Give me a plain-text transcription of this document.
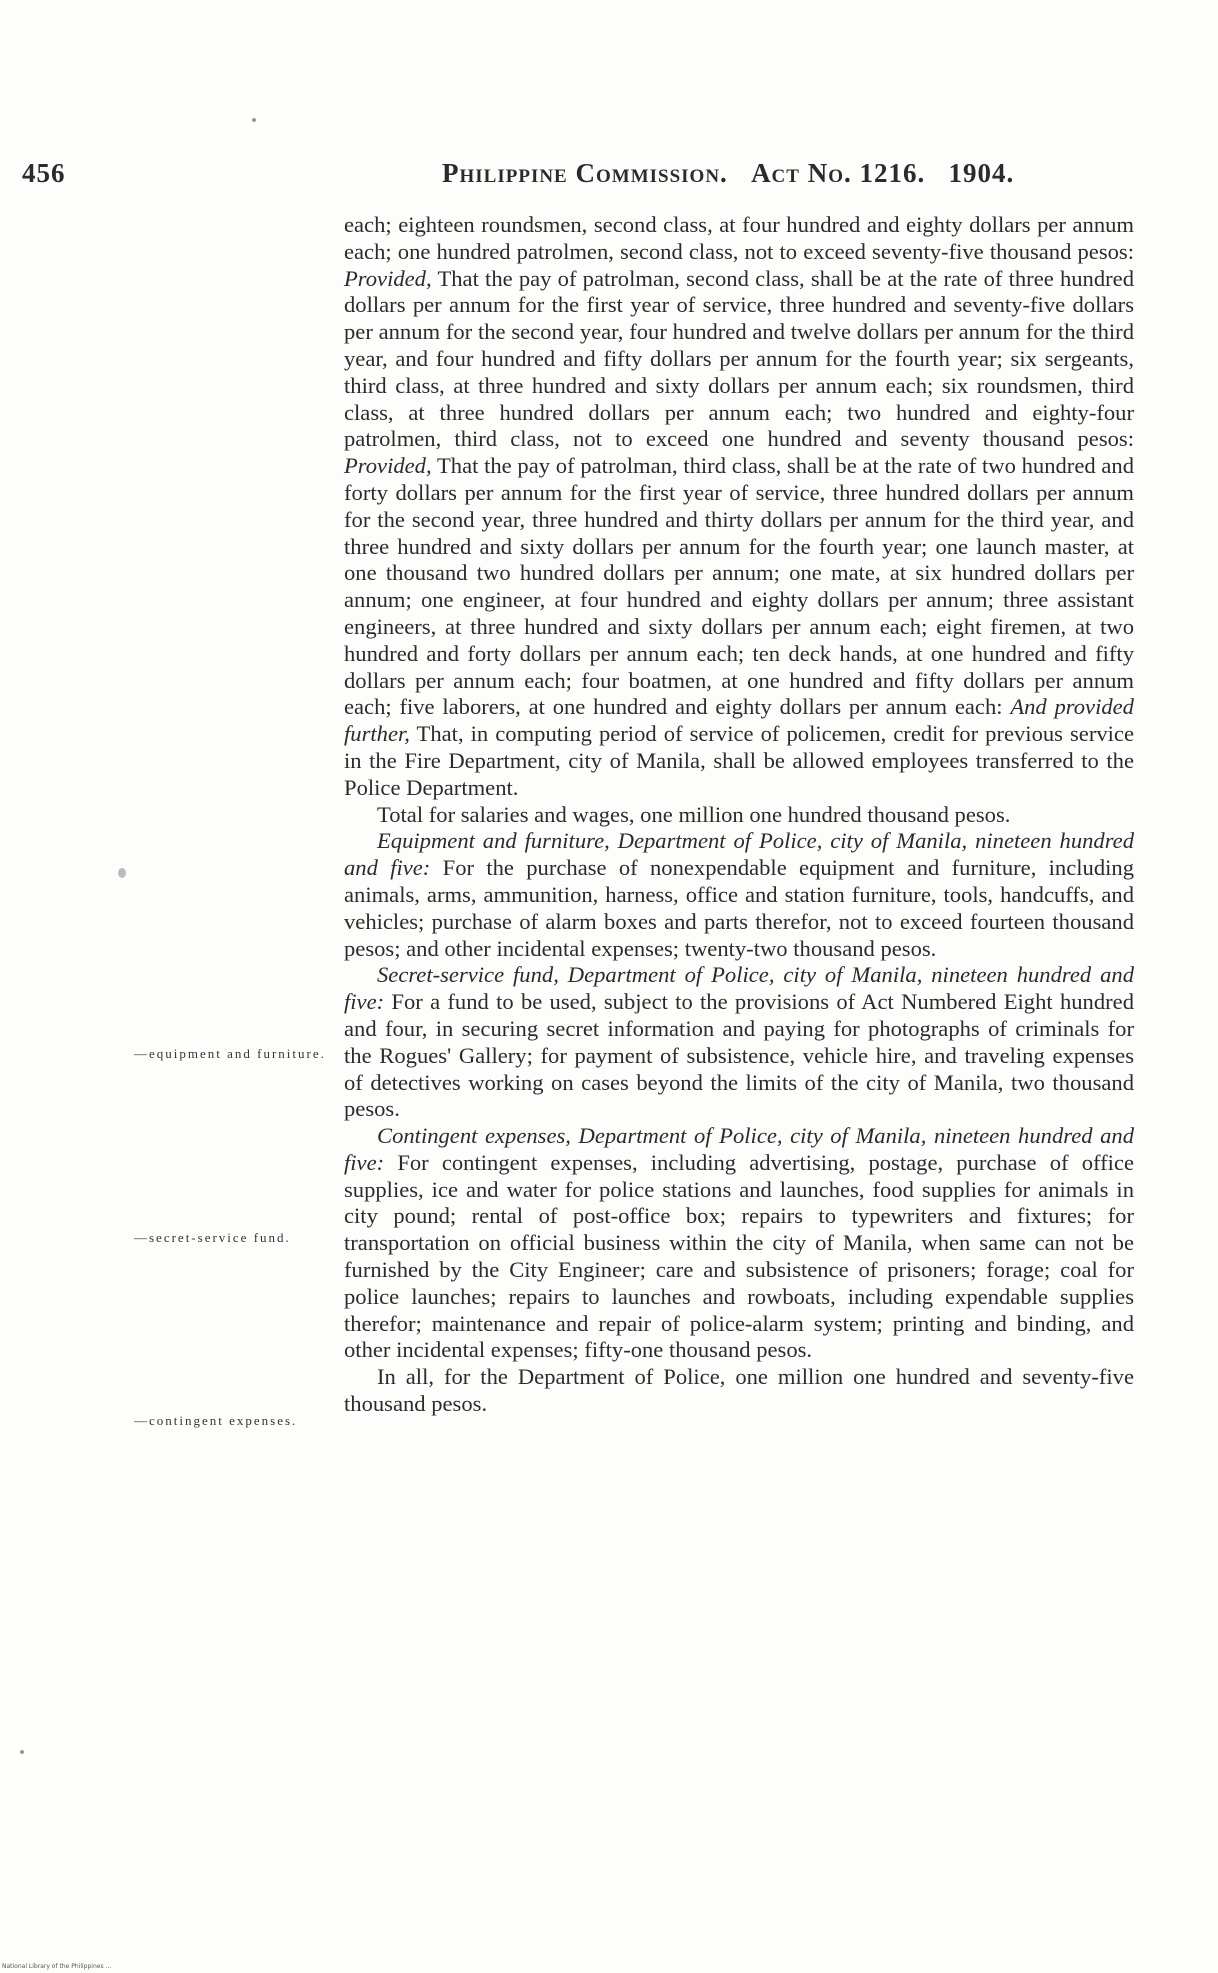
456	Philippine Commission. Act No. 1216. 1904.
—equipment and furniture.
—secret-service fund.
—contingent expenses.

each; eighteen roundsmen, second class, at four hundred and eighty dollars per annum each; one hundred patrolmen, second class, not to exceed seventy-five thousand pesos: Provided, That the pay of patrolman, second class, shall be at the rate of three hundred dollars per annum for the first year of service, three hundred and seventy-five dollars per annum for the second year, four hundred and twelve dollars per annum for the third year, and four hundred and fifty dollars per annum for the fourth year; six sergeants, third class, at three hundred and sixty dollars per annum each; six roundsmen, third class, at three hundred dollars per annum each; two hundred and eighty-four patrolmen, third class, not to exceed one hundred and seventy thousand pesos: Provided, That the pay of patrolman, third class, shall be at the rate of two hundred and forty dollars per annum for the first year of service, three hundred dollars per annum for the second year, three hundred and thirty dollars per annum for the third year, and three hundred and sixty dollars per annum for the fourth year; one launch master, at one thousand two hundred dollars per annum; one mate, at six hundred dollars per annum; one engineer, at four hundred and eighty dollars per annum; three assistant engineers, at three hundred and sixty dollars per annum each; eight firemen, at two hundred and forty dollars per annum each; ten deck hands, at one hundred and fifty dollars per annum each; four boatmen, at one hundred and fifty dollars per annum each; five laborers, at one hundred and eighty dollars per annum each: And provided further, That, in computing period of service of policemen, credit for previous service in the Fire Department, city of Manila, shall be allowed employees transferred to the Police Department.

Total for salaries and wages, one million one hundred thousand pesos.

Equipment and furniture, Department of Police, city of Manila, nineteen hundred and five: For the purchase of nonexpendable equipment and furniture, including animals, arms, ammunition, harness, office and station furniture, tools, handcuffs, and vehicles; purchase of alarm boxes and parts therefor, not to exceed fourteen thousand pesos; and other incidental expenses; twenty-two thousand pesos.

Secret-service fund, Department of Police, city of Manila, nineteen hundred and five: For a fund to be used, subject to the provisions of Act Numbered Eight hundred and four, in securing secret information and paying for photographs of criminals for the Rogues' Gallery; for payment of subsistence, vehicle hire, and traveling expenses of detectives working on cases beyond the limits of the city of Manila, two thousand pesos.

Contingent expenses, Department of Police, city of Manila, nineteen hundred and five: For contingent expenses, including advertising, postage, purchase of office supplies, ice and water for police stations and launches, food supplies for animals in city pound; rental of post-office box; repairs to typewriters and fixtures; for transportation on official business within the city of Manila, when same can not be furnished by the City Engineer; care and subsistence of prisoners; forage; coal for police launches; repairs to launches and rowboats, including expendable supplies therefor; maintenance and repair of police-alarm system; printing and binding, and other incidental expenses; fifty-one thousand pesos.

In all, for the Department of Police, one million one hundred and seventy-five thousand pesos.

National Library of the Philippines ...
